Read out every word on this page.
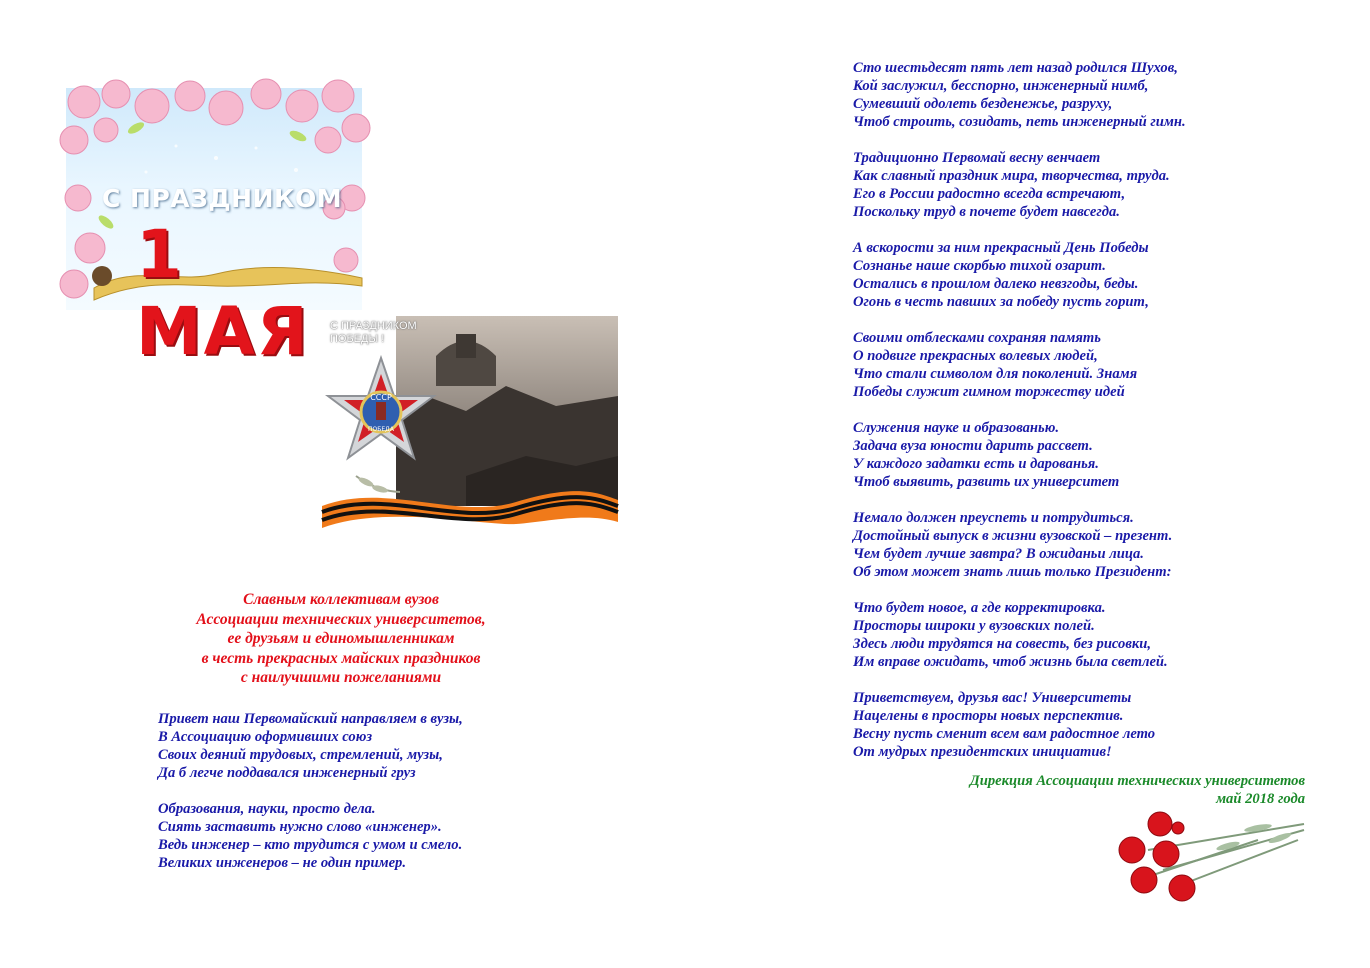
С ПРАЗДНИКОМ
1 МАЯ
СССР
ПОБЕДА
С ПРАЗДНИКОМ
ПОБЕДЫ !
Славным коллективам вузов
Ассоциации технических университетов,
ее друзьям и единомышленникам
в честь прекрасных майских праздников
с наилучшими пожеланиями
Привет наш Первомайский направляем в вузы,
В Ассоциацию оформивших союз
Своих деяний трудовых, стремлений, музы,
Да б легче поддавался инженерный груз
Образования, науки, просто дела.
Сиять заставить нужно слово «инженер».
Ведь инженер – кто трудится с умом и смело.
Великих инженеров – не один пример.
Сто шестьдесят пять лет назад родился Шухов,
Кой заслужил, бесспорно, инженерный нимб,
Сумевший одолеть безденежье, разруху,
Чтоб строить, созидать, петь инженерный гимн.
Традиционно Первомай весну венчает
Как славный праздник мира, творчества, труда.
Его в России радостно всегда встречают,
Поскольку труд в почете будет навсегда.
А вскорости за ним прекрасный День Победы
Сознанье наше скорбью тихой озарит.
Остались в прошлом далеко невзгоды, беды.
Огонь в честь павших за победу пусть горит,
Своими отблесками сохраняя память
О подвиге прекрасных волевых людей,
Что стали символом для поколений. Знамя
Победы служит гимном торжеству идей
Служения науке и образованью.
Задача вуза юности дарить рассвет.
У каждого задатки есть и дарованья.
Чтоб выявить, развить их университет
Немало должен преуспеть и потрудиться.
Достойный выпуск в жизни вузовской – презент.
Чем будет лучше завтра? В ожиданьи лица.
Об этом может знать лишь только Президент:
Что будет новое, а где корректировка.
Просторы широки у вузовских полей.
Здесь люди трудятся на совесть, без рисовки,
Им вправе ожидать, чтоб жизнь была светлей.
Приветствуем, друзья вас! Университеты
Нацелены в просторы новых перспектив.
Весну пусть сменит всем вам радостное лето
От мудрых президентских инициатив!
Дирекция Ассоциации технических университетов
май 2018 года
